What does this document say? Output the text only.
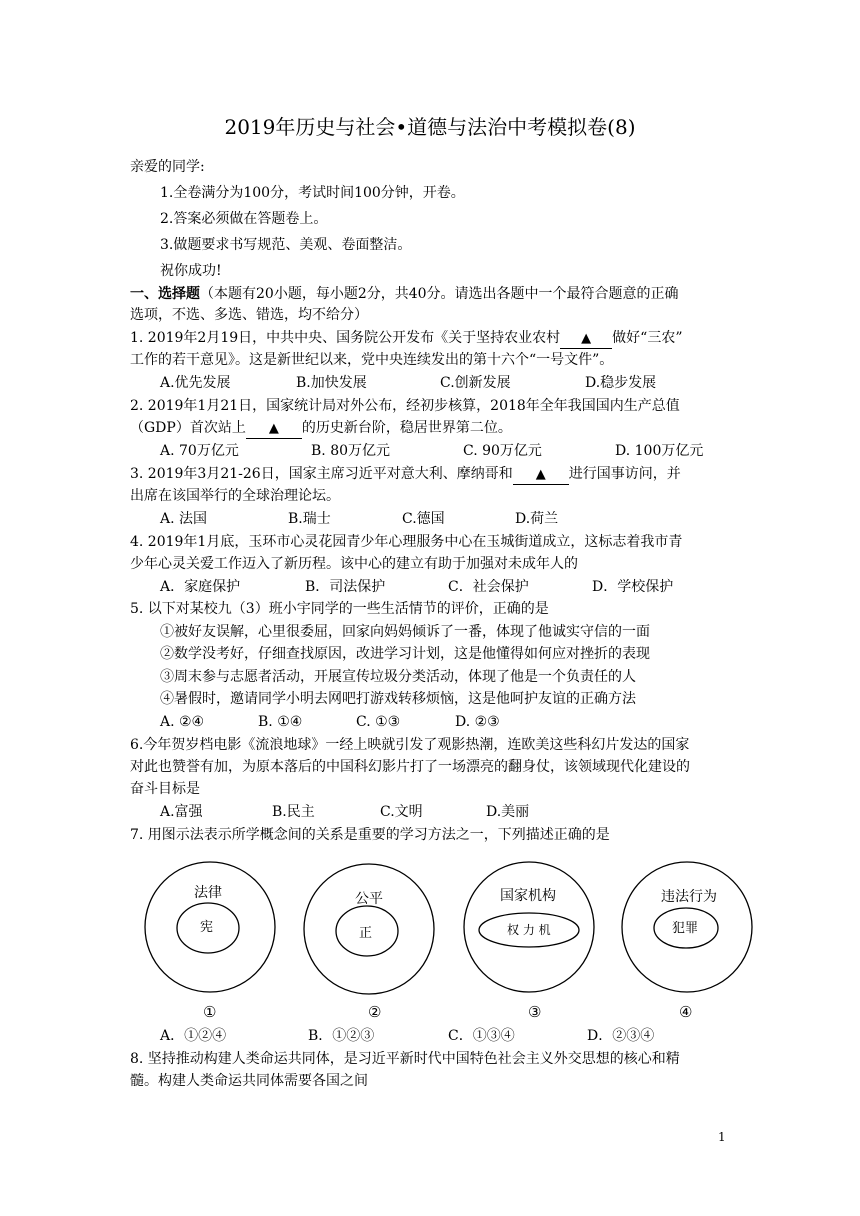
2019年历史与社会•道德与法治中考模拟卷(8)
亲爱的同学:
1.全卷满分为100分，考试时间100分钟，开卷。
2.答案必须做在答题卷上。
3.做题要求书写规范、美观、卷面整洁。
祝你成功!
一、选择题（本题有20小题，每小题2分，共40分。请选出各题中一个最符合题意的正确
选项，不选、多选、错选，均不给分）
1. 2019年2月19日，中共中央、国务院公开发布《关于坚持农业农村 ▲ 做好“三农”
工作的若干意见》。这是新世纪以来，党中央连续发出的第十六个“一号文件”。
A.优先发展	B.加快发展	C.创新发展	D.稳步发展
2. 2019年1月21日，国家统计局对外公布，经初步核算，2018年全年我国国内生产总值
（GDP）首次站上 ▲ 的历史新台阶，稳居世界第二位。
A. 70万亿元	B. 80万亿元	C. 90万亿元	D. 100万亿元
3. 2019年3月21-26日，国家主席习近平对意大利、摩纳哥和 ▲ 进行国事访问，并
出席在该国举行的全球治理论坛。
A. 法国	B.瑞士	C.德国	D.荷兰
4. 2019年1月底，玉环市心灵花园青少年心理服务中心在玉城街道成立，这标志着我市青
少年心灵关爱工作迈入了新历程。该中心的建立有助于加强对未成年人的
A．家庭保护	B．司法保护	C．社会保护	D．学校保护
5. 以下对某校九（3）班小宇同学的一些生活情节的评价，正确的是
①被好友误解，心里很委屈，回家向妈妈倾诉了一番，体现了他诚实守信的一面
②数学没考好，仔细查找原因，改进学习计划，这是他懂得如何应对挫折的表现
③周末参与志愿者活动，开展宣传垃圾分类活动，体现了他是一个负责任的人
④暑假时，邀请同学小明去网吧打游戏转移烦恼，这是他呵护友谊的正确方法
A. ②④	B. ①④	C. ①③	D. ②③
6.今年贺岁档电影《流浪地球》一经上映就引发了观影热潮，连欧美这些科幻片发达的国家
对此也赞誉有加，为原本落后的中国科幻影片打了一场漂亮的翻身仗，该领域现代化建设的
奋斗目标是
A.富强	B.民主	C.文明	D.美丽
7. 用图示法表示所学概念间的关系是重要的学习方法之一，下列描述正确的是
法律
宪
公平
正
国家机构
权 力 机
违法行为
犯罪
①	②	③	④
A．①②④	B．①②③	C．①③④	D．②③④
8. 坚持推动构建人类命运共同体，是习近平新时代中国特色社会主义外交思想的核心和精
髓。构建人类命运共同体需要各国之间
1
